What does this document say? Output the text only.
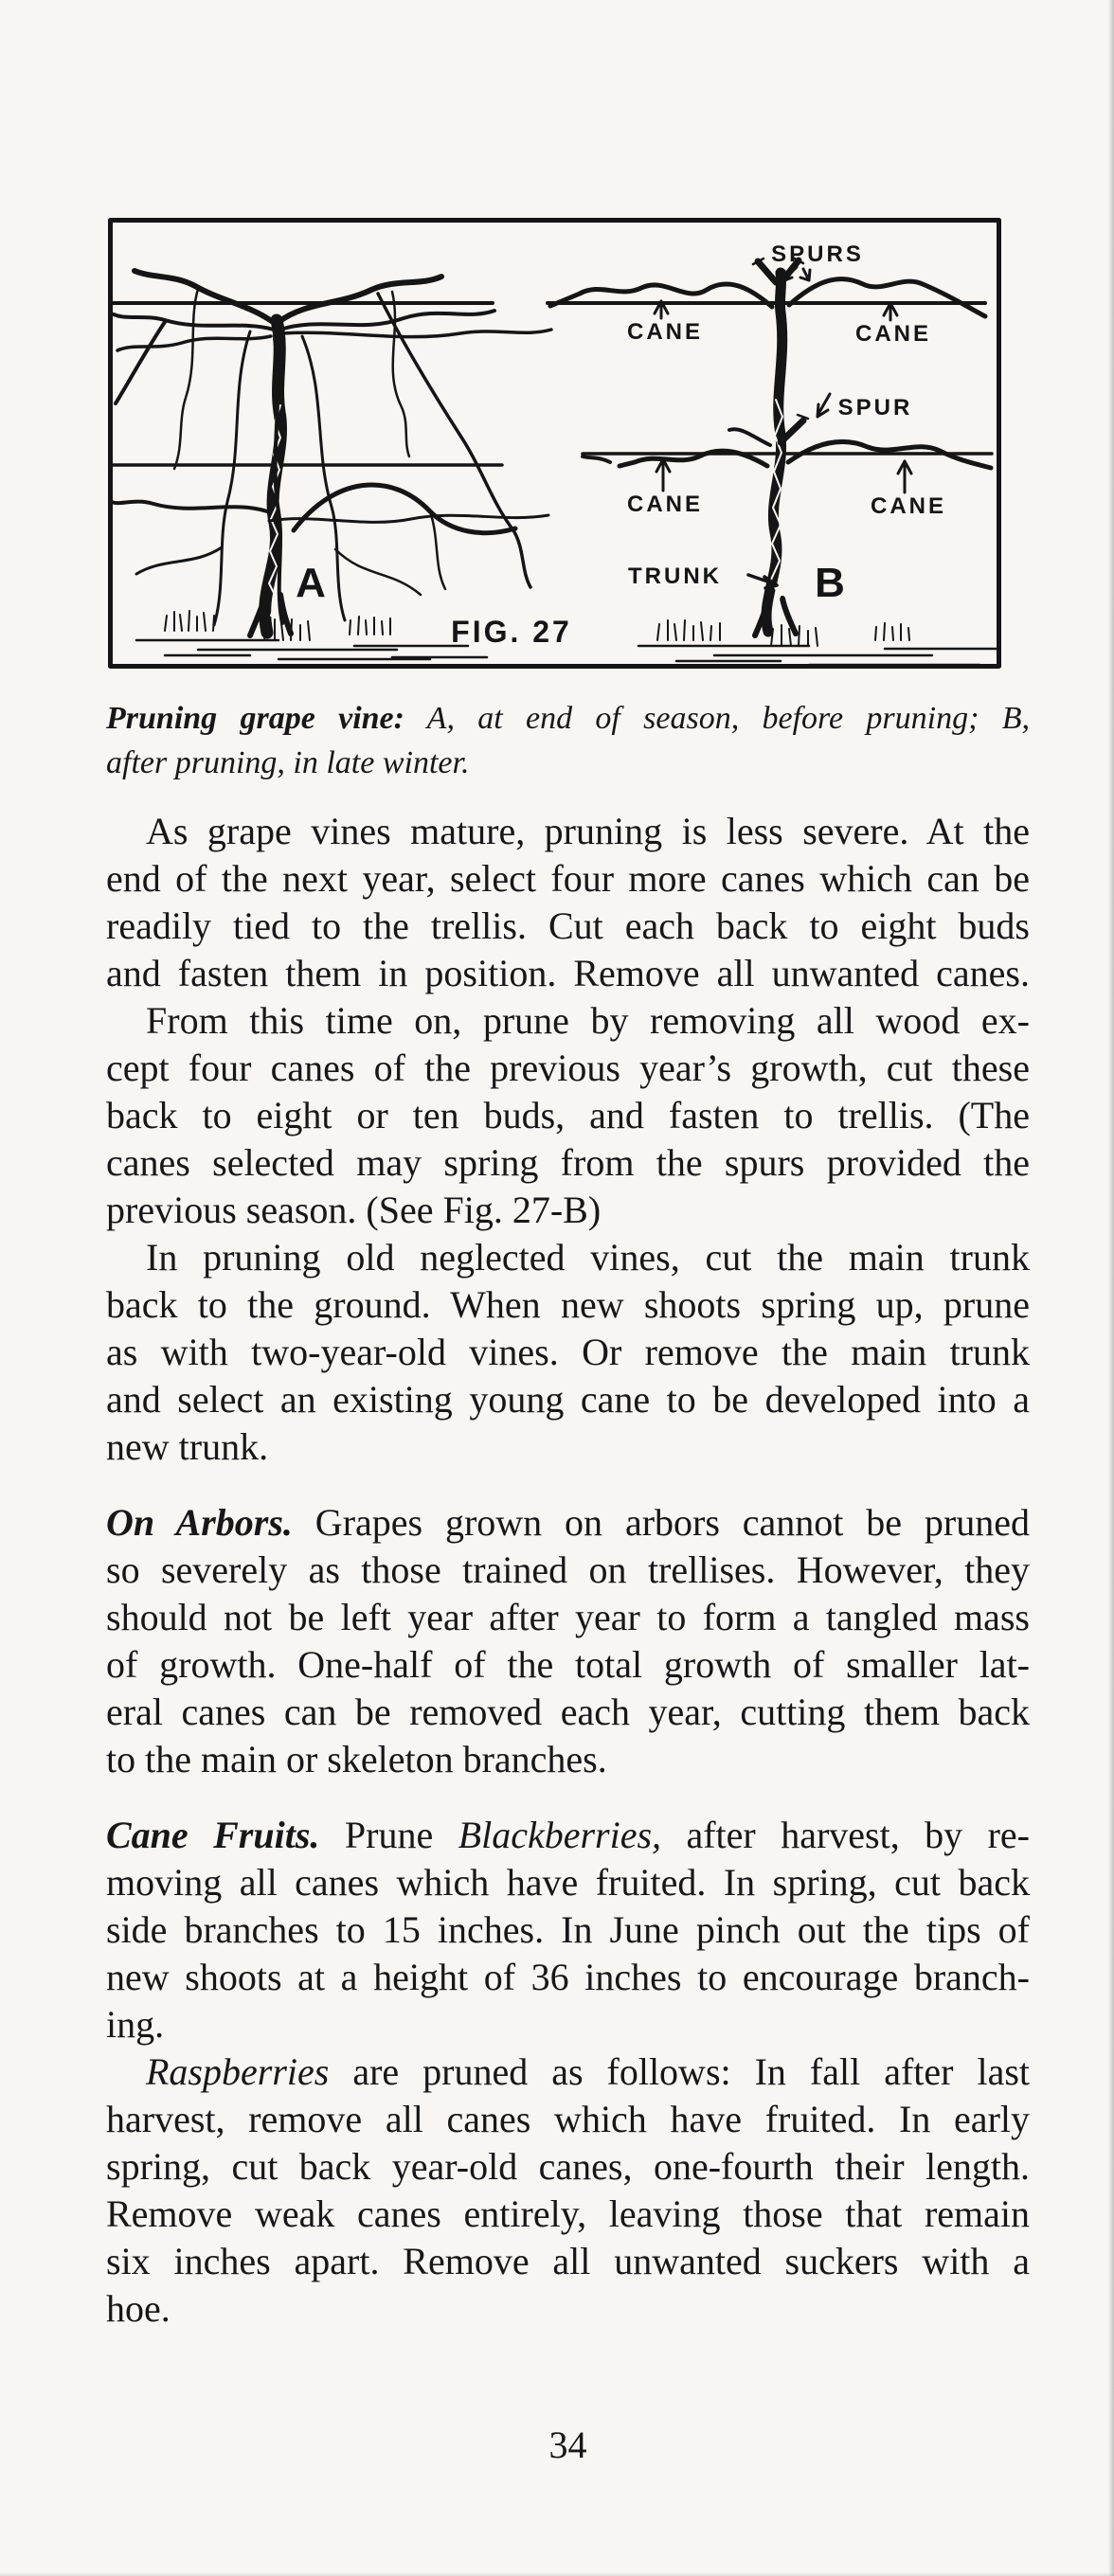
SPURS
CANE	CANE
SPUR
CANE	CANE
TRUNK
A	B
FIG. 27
Pruning grape vine: A, at end of season, before pruning; B,
after pruning, in late winter.
As grape vines mature, pruning is less severe. At the
end of the next year, select four more canes which can be
readily tied to the trellis. Cut each back to eight buds
and fasten them in position. Remove all unwanted canes.
From this time on, prune by removing all wood ex-
cept four canes of the previous year’s growth, cut these
back to eight or ten buds, and fasten to trellis. (The
canes selected may spring from the spurs provided the
previous season. (See Fig. 27-B)
In pruning old neglected vines, cut the main trunk
back to the ground. When new shoots spring up, prune
as with two-year-old vines. Or remove the main trunk
and select an existing young cane to be developed into a
new trunk.
On Arbors. Grapes grown on arbors cannot be pruned
so severely as those trained on trellises. However, they
should not be left year after year to form a tangled mass
of growth. One-half of the total growth of smaller lat-
eral canes can be removed each year, cutting them back
to the main or skeleton branches.
Cane Fruits. Prune Blackberries, after harvest, by re-
moving all canes which have fruited. In spring, cut back
side branches to 15 inches. In June pinch out the tips of
new shoots at a height of 36 inches to encourage branch-
ing.
Raspberries are pruned as follows: In fall after last
harvest, remove all canes which have fruited. In early
spring, cut back year-old canes, one-fourth their length.
Remove weak canes entirely, leaving those that remain
six inches apart. Remove all unwanted suckers with a
hoe.
34
